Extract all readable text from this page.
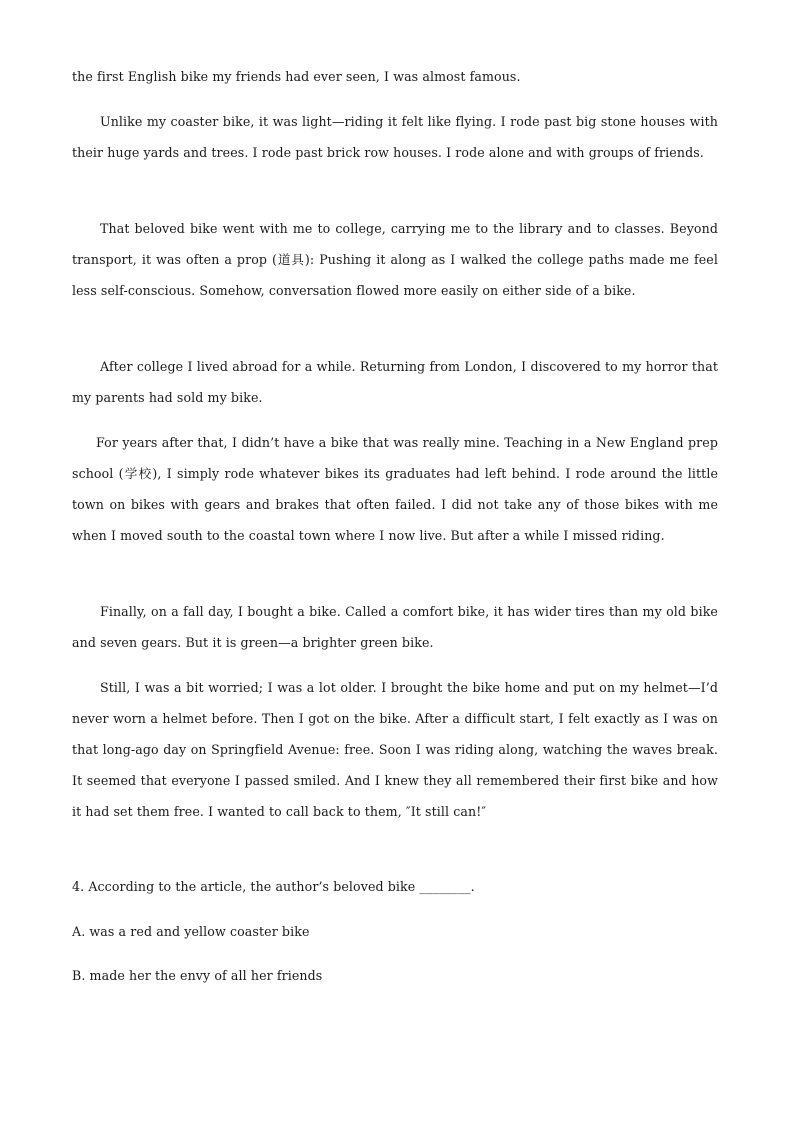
the first English bike my friends had ever seen, I was almost famous.

Unlike my coaster bike, it was light—riding it felt like flying. I rode past big stone houses with their huge yards and trees. I rode past brick row houses. I rode alone and with groups of friends.

That beloved bike went with me to college, carrying me to the library and to classes. Beyond transport, it was often a prop (道具): Pushing it along as I walked the college paths made me feel less self-conscious. Somehow, conversation flowed more easily on either side of a bike.

After college I lived abroad for a while. Returning from London, I discovered to my horror that my parents had sold my bike.

For years after that, I didn’t have a bike that was really mine. Teaching in a New England prep school (学校), I simply rode whatever bikes its graduates had left behind. I rode around the little town on bikes with gears and brakes that often failed. I did not take any of those bikes with me when I moved south to the coastal town where I now live. But after a while I missed riding.

Finally, on a fall day, I bought a bike. Called a comfort bike, it has wider tires than my old bike and seven gears. But it is green—a brighter green bike.

Still, I was a bit worried; I was a lot older. I brought the bike home and put on my helmet—I’d never worn a helmet before. Then I got on the bike. After a difficult start, I felt exactly as I was on that long-ago day on Springfield Avenue: free. Soon I was riding along, watching the waves break. It seemed that everyone I passed smiled. And I knew they all remembered their first bike and how it had set them free. I wanted to call back to them, ″It still can!″

4. According to the article, the author’s beloved bike ________.

A. was a red and yellow coaster bike

B. made her the envy of all her friends
